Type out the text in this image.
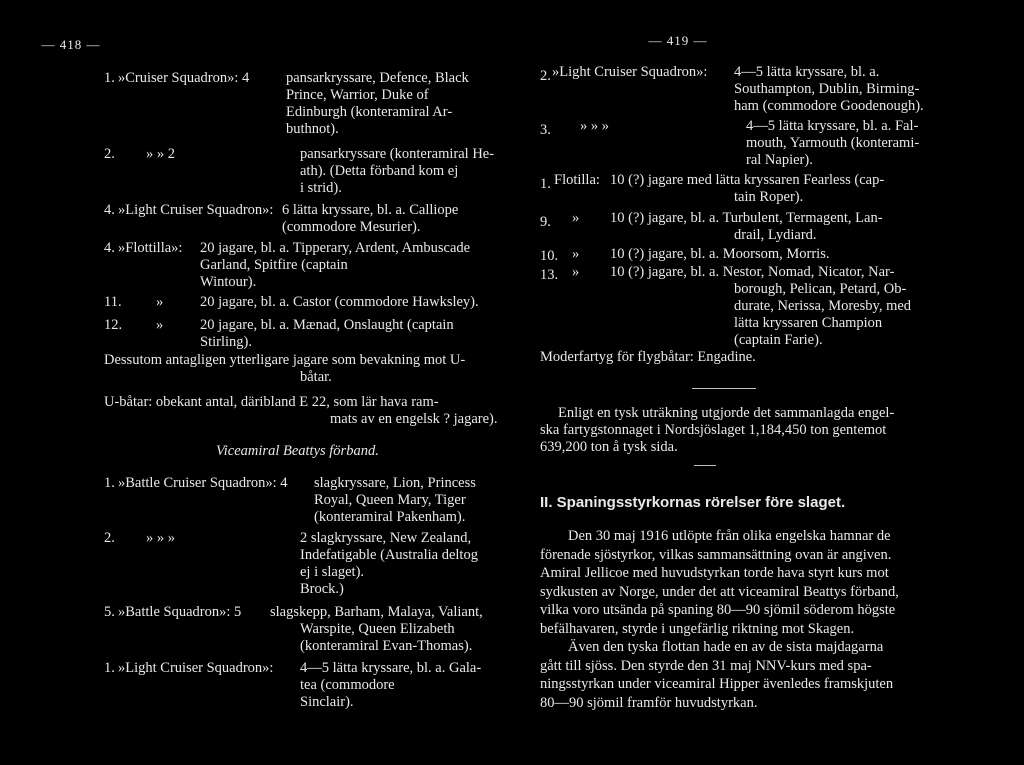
— 418 —
1. »Cruiser Squadron»: 4	pansarkryssare, Defence, Black
Prince, Warrior, Duke of
Edinburgh (konteramiral Ar-
buthnot).
2. » » 2	pansarkryssare (konteramiral He-
ath). (Detta förband kom ej
i strid).
4. »Light Cruiser Squadron»: 6 lätta kryssare, bl. a. Calliope
(commodore Mesurier).
4. »Flottilla»: 20 jagare, bl. a. Tipperary, Ardent, Ambuscade
Garland, Spitfire (captain
Wintour).
11. »	20 jagare, bl. a. Castor (commodore Hawksley).
12. »	20 jagare, bl. a. Mænad, Onslaught (captain
Stirling).
Dessutom antagligen ytterligare jagare som bevakning mot U-
båtar.
U-båtar: obekant antal, däribland E 22, som lär hava ram-
mats av en engelsk ? jagare).
Viceamiral Beattys förband.
1. »Battle Cruiser Squadron»: 4 slagkryssare, Lion, Princess
Royal, Queen Mary, Tiger
(konteramiral Pakenham).
2. » » »	2 slagkryssare, New Zealand,
Indefatigable (Australia deltog
ej i slaget).
Brock.)
5. »Battle Squadron»: 5 slagskepp, Barham, Malaya, Valiant,
Warspite, Queen Elizabeth
(konteramiral Evan-Thomas).
1. »Light Cruiser Squadron»: 4—5 lätta kryssare, bl. a. Gala-
tea (commodore
Sinclair).
— 419 —
2. »Light Cruiser Squadron»: 4—5 lätta kryssare, bl. a.
Southampton, Dublin, Birming-
ham (commodore Goodenough).
3. » » »	4—5 lätta kryssare, bl. a. Fal-
mouth, Yarmouth (konterami-
ral Napier).
1. Flotilla: 10 (?) jagare med lätta kryssaren Fearless (cap-
tain Roper).
9. » 10 (?) jagare, bl. a. Turbulent, Termagent, Lan-
drail, Lydiard.
10. » 10 (?) jagare, bl. a. Moorsom, Morris.
13. » 10 (?) jagare, bl. a. Nestor, Nomad, Nicator, Nar-
borough, Pelican, Petard, Ob-
durate, Nerissa, Moresby, med
lätta kryssaren Champion
(captain Farie).
Moderfartyg för flygbåtar: Engadine.
Enligt en tysk uträkning utgjorde det sammanlagda engel-
ska fartygstonnaget i Nordsjöslaget 1,184,450 ton gentemot
639,200 ton å tysk sida.
II. Spaningsstyrkornas rörelser före slaget.
Den 30 maj 1916 utlöpte från olika engelska hamnar de
förenade sjöstyrkor, vilkas sammansättning ovan är angiven.
Amiral Jellicoe med huvudstyrkan torde hava styrt kurs mot
sydkusten av Norge, under det att viceamiral Beattys förband,
vilka voro utsända på spaning 80—90 sjömil söderom högste
befälhavaren, styrde i ungefärlig riktning mot Skagen.
Även den tyska flottan hade en av de sista majdagarna
gått till sjöss. Den styrde den 31 maj NNV-kurs med spa-
ningsstyrkan under viceamiral Hipper ävenledes framskjuten
80—90 sjömil framför huvudstyrkan.
